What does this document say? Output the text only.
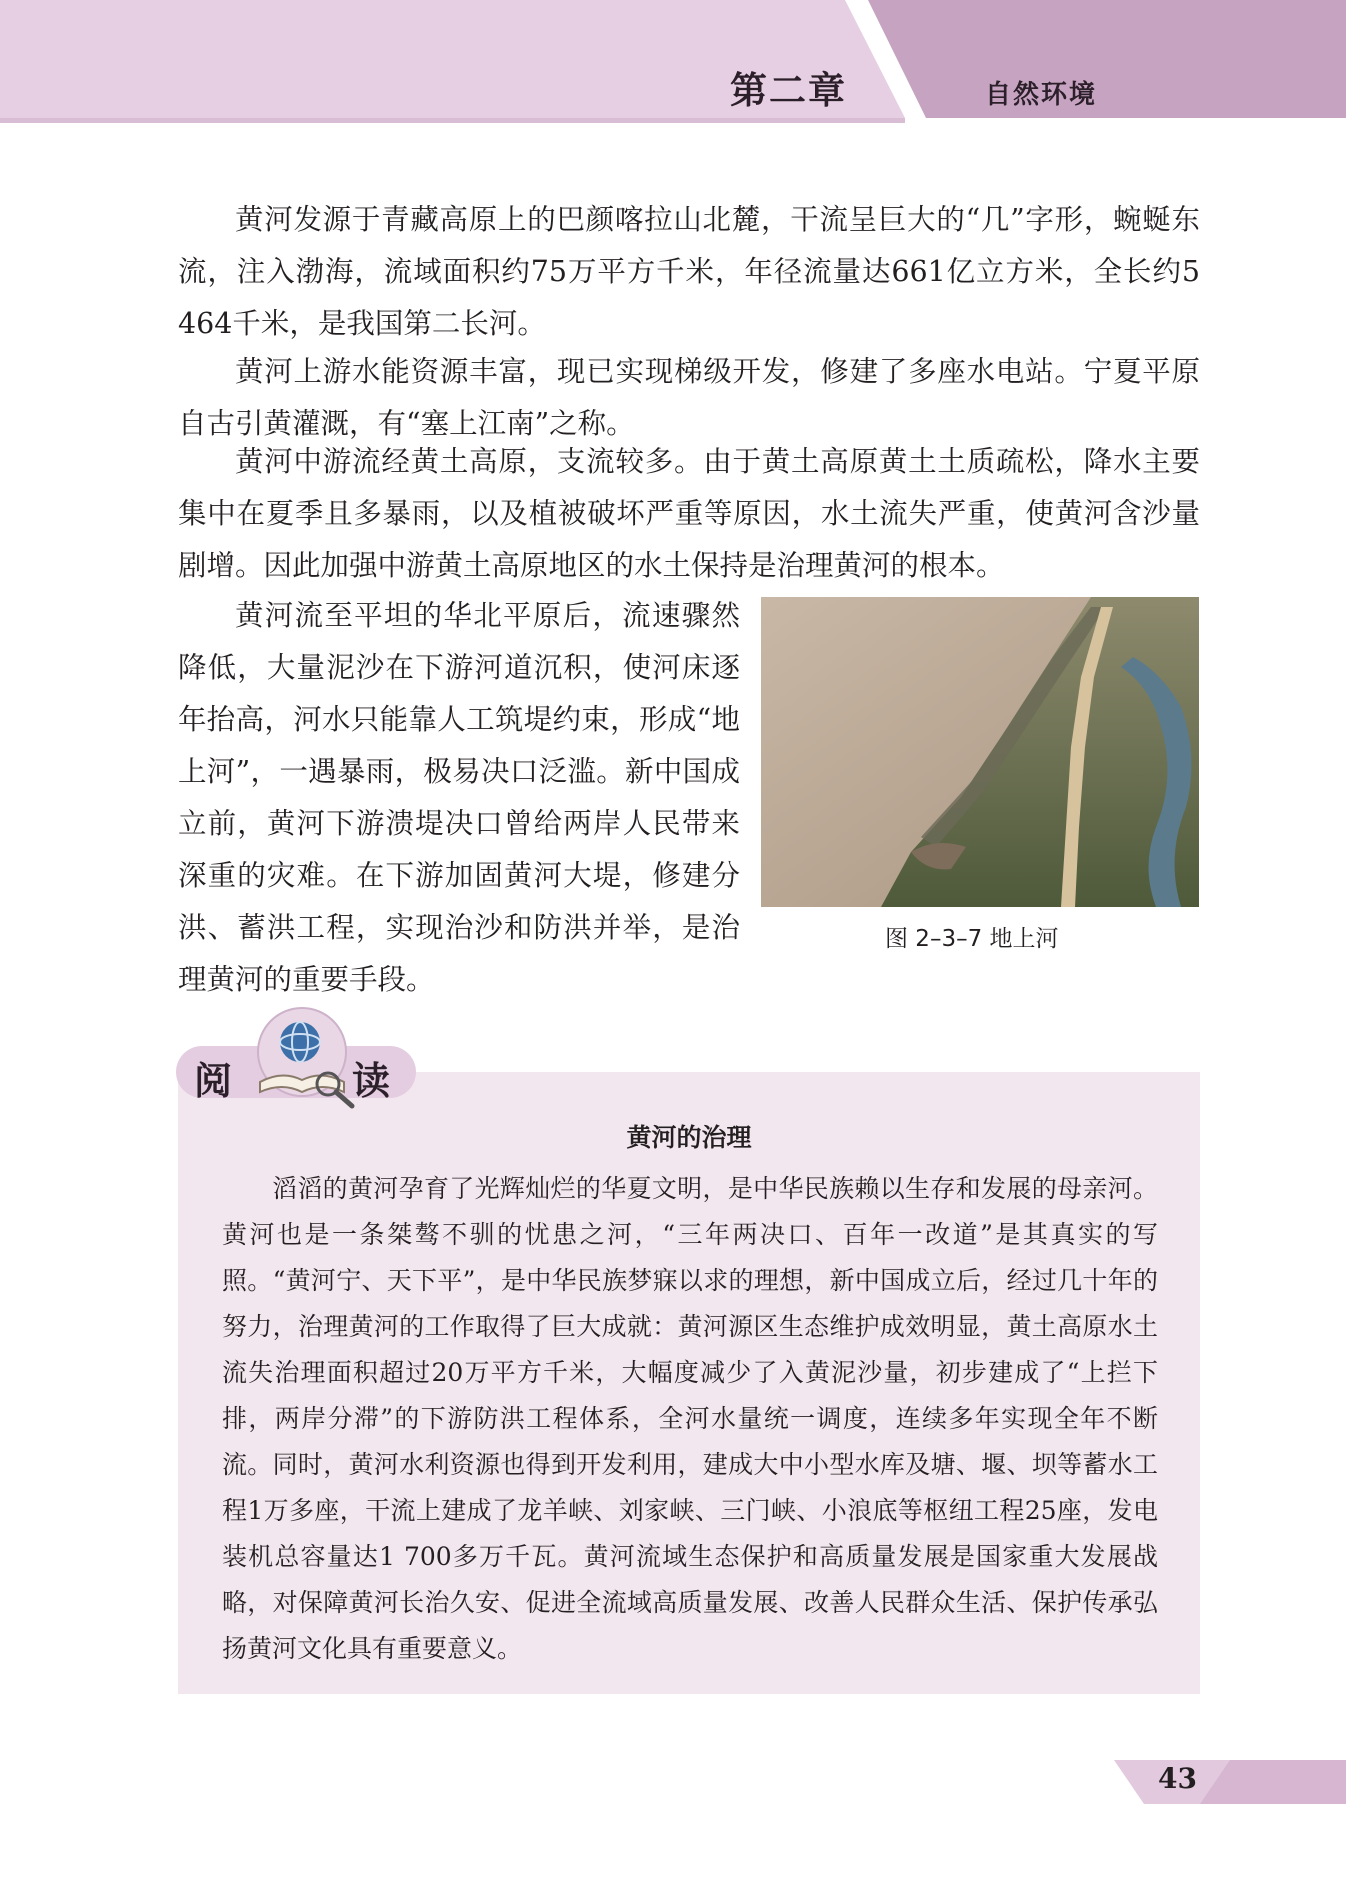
第二章	自然环境

黄河发源于青藏高原上的巴颜喀拉山北麓，干流呈巨大的“几”字形，蜿蜒东流，注入渤海，流域面积约75万平方千米，年径流量达661亿立方米，全长约5 464千米，是我国第二长河。

黄河上游水能资源丰富，现已实现梯级开发，修建了多座水电站。宁夏平原自古引黄灌溉，有“塞上江南”之称。

黄河中游流经黄土高原，支流较多。由于黄土高原黄土土质疏松，降水主要集中在夏季且多暴雨，以及植被破坏严重等原因，水土流失严重，使黄河含沙量剧增。因此加强中游黄土高原地区的水土保持是治理黄河的根本。

黄河流至平坦的华北平原后，流速骤然降低，大量泥沙在下游河道沉积，使河床逐年抬高，河水只能靠人工筑堤约束，形成“地上河”，一遇暴雨，极易决口泛滥。新中国成立前，黄河下游溃堤决口曾给两岸人民带来深重的灾难。在下游加固黄河大堤，修建分洪、蓄洪工程，实现治沙和防洪并举，是治理黄河的重要手段。

图 2–3–7 地上河
阅	读
黄河的治理

滔滔的黄河孕育了光辉灿烂的华夏文明，是中华民族赖以生存和发展的母亲河。黄河也是一条桀骜不驯的忧患之河，“三年两决口、百年一改道”是其真实的写照。“黄河宁、天下平”，是中华民族梦寐以求的理想，新中国成立后，经过几十年的努力，治理黄河的工作取得了巨大成就：黄河源区生态维护成效明显，黄土高原水土流失治理面积超过20万平方千米，大幅度减少了入黄泥沙量，初步建成了“上拦下排，两岸分滞”的下游防洪工程体系，全河水量统一调度，连续多年实现全年不断流。同时，黄河水利资源也得到开发利用，建成大中小型水库及塘、堰、坝等蓄水工程1万多座，干流上建成了龙羊峡、刘家峡、三门峡、小浪底等枢纽工程25座，发电装机总容量达1 700多万千瓦。黄河流域生态保护和高质量发展是国家重大发展战略，对保障黄河长治久安、促进全流域高质量发展、改善人民群众生活、保护传承弘扬黄河文化具有重要意义。

43
